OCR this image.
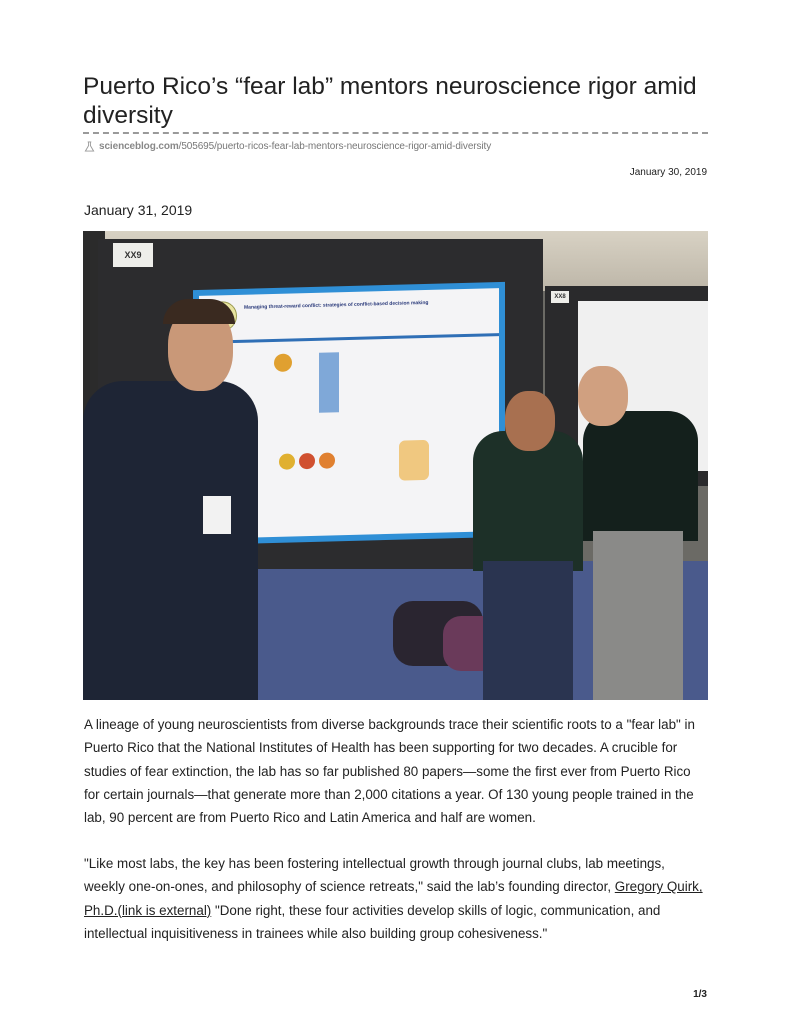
Puerto Rico’s “fear lab” mentors neuroscience rigor amid diversity
scienceblog.com/505695/puerto-ricos-fear-lab-mentors-neuroscience-rigor-amid-diversity
January 30, 2019
January 31, 2019
XX9
XX8
Managing threat-reward conflict: strategies of conflict-based decision making

A lineage of young neuroscientists from diverse backgrounds trace their scientific roots to a "fear lab" in Puerto Rico that the National Institutes of Health has been supporting for two decades. A crucible for studies of fear extinction, the lab has so far published 80 papers—some the first ever from Puerto Rico for certain journals—that generate more than 2,000 citations a year. Of 130 young people trained in the lab, 90 percent are from Puerto Rico and Latin America and half are women.

"Like most labs, the key has been fostering intellectual growth through journal clubs, lab meetings, weekly one-on-ones, and philosophy of science retreats," said the lab’s founding director, Gregory Quirk, Ph.D.(link is external) "Done right, these four activities develop skills of logic, communication, and intellectual inquisitiveness in trainees while also building group cohesiveness."

1/3
